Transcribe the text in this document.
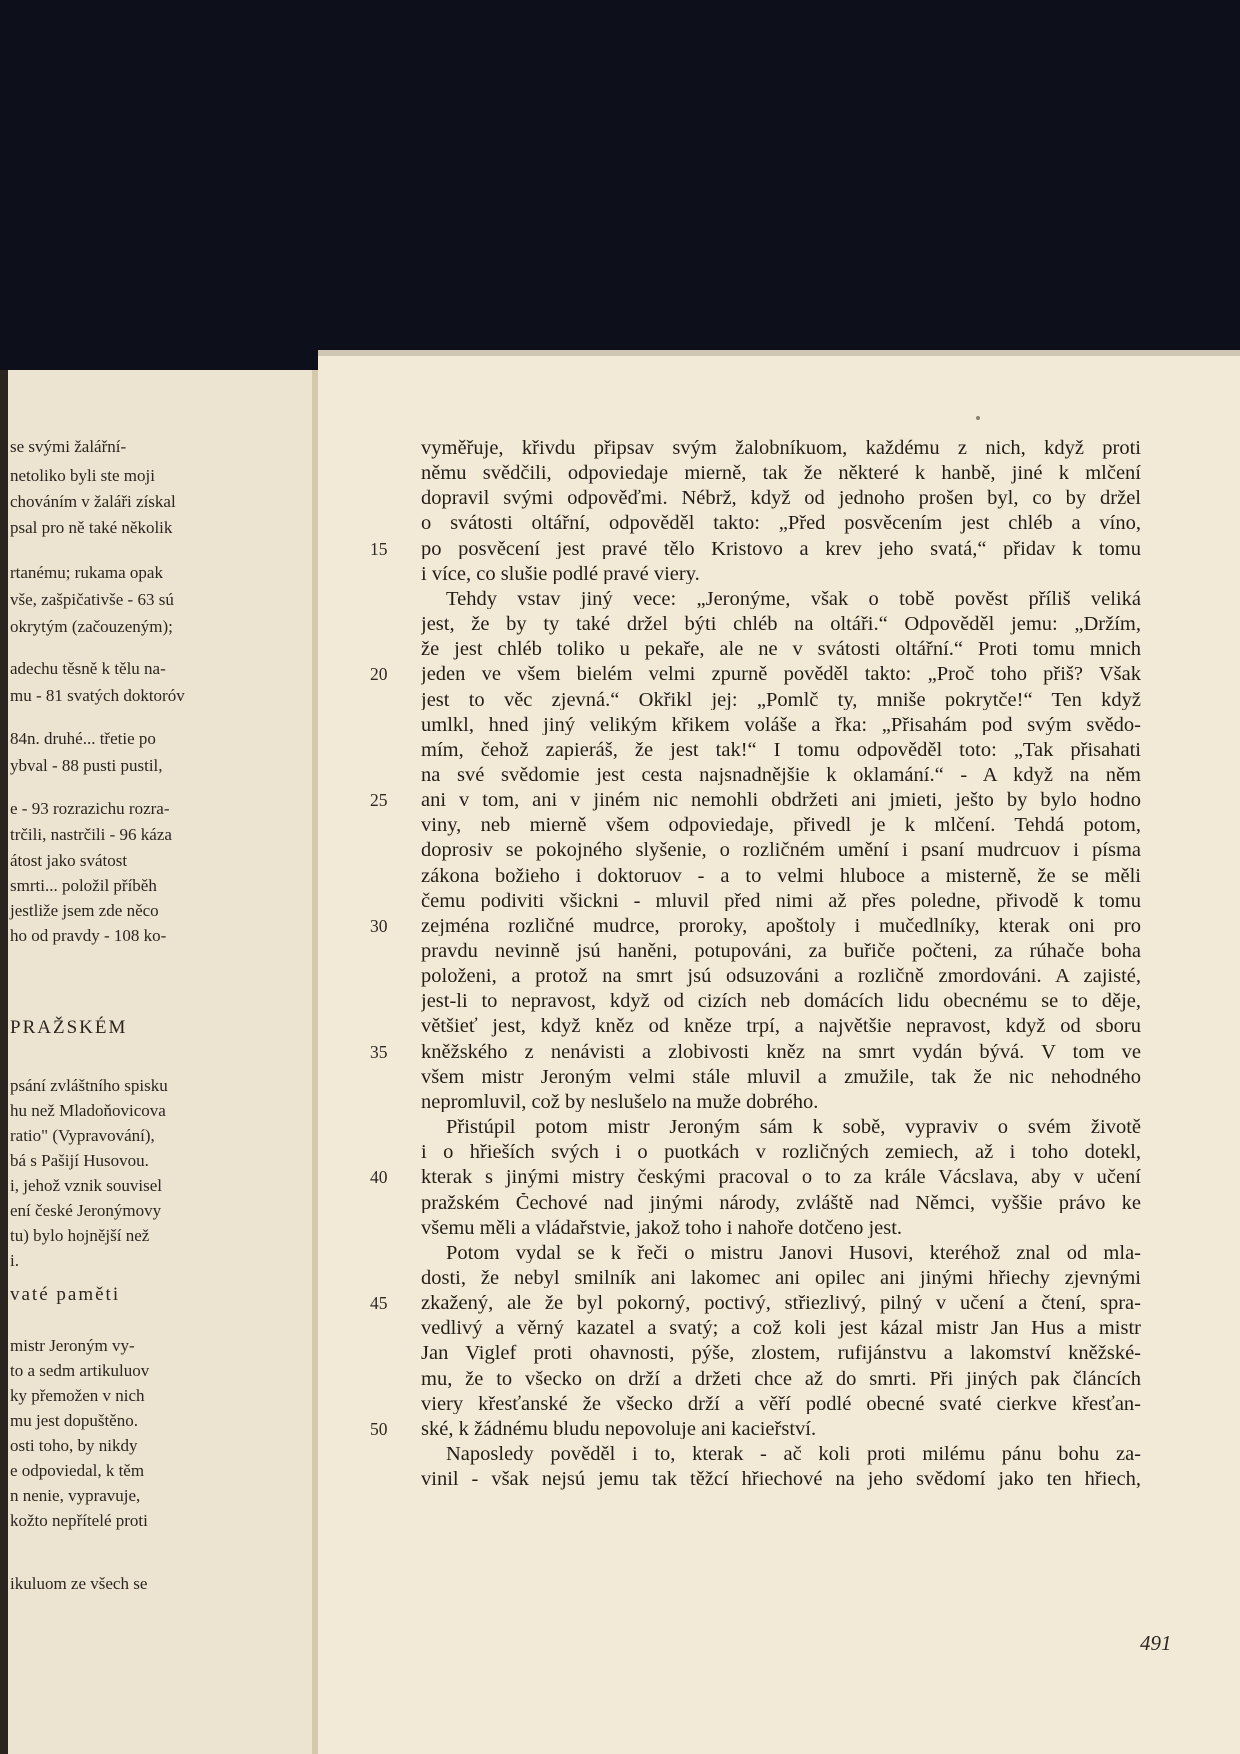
se svými žalářní-
netoliko byli ste moji
chováním v žaláři získal
psal pro ně také několik
rtanému; rukama opak
vše, zašpičativše - 63 sú
okrytým (začouzeným);
adechu těsně k tělu na-
mu - 81 svatých doktoróv
84n. druhé... třetie po
ybval - 88 pusti pustil,
e - 93 rozrazichu rozra-
trčili, nastrčili - 96 káza
átost jako svátost
smrti... položil příběh
jestliže jsem zde něco
ho od pravdy - 108 ko-
PRAŽSKÉM
psání zvláštního spisku
hu než Mladoňovicova
ratio" (Vypravování),
bá s Pašijí Husovou.
i, jehož vznik souvisel
ení české Jeronýmovy
tu) bylo hojnější než
i.
vaté paměti
mistr Jeroným vy-
to a sedm artikuluov
ky přemožen v nich
mu jest dopuštěno.
osti toho, by nikdy
e odpoviedal, k těm
n nenie, vypravuje,
kožto nepřítelé proti
ikuluom ze všech se
vyměřuje, křivdu připsav svým žalobníkuom, každému z nich, když proti
němu svědčili, odpoviedaje mierně, tak že některé k hanbě, jiné k mlčení
dopravil svými odpověďmi. Nébrž, když od jednoho prošen byl, co by držel
o svátosti oltářní, odpověděl takto: „Před posvěcením jest chléb a víno,
po posvěcení jest pravé tělo Kristovo a krev jeho svatá,“ přidav k tomu
i více, co slušie podlé pravé viery.
Tehdy vstav jiný vece: „Jeronýme, však o tobě pověst příliš veliká
jest, že by ty také držel býti chléb na oltáři.“ Odpověděl jemu: „Držím,
že jest chléb toliko u pekaře, ale ne v svátosti oltářní.“ Proti tomu mnich
jeden ve všem bielém velmi zpurně pověděl takto: „Proč toho přiš? Však
jest to věc zjevná.“ Okřikl jej: „Pomlč ty, mniše pokrytče!“ Ten když
umlkl, hned jiný velikým křikem voláše a řka: „Přisahám pod svým svědo-
mím, čehož zapieráš, že jest tak!“ I tomu odpověděl toto: „Tak přisahati
na své svědomie jest cesta najsnadnějšie k oklamání.“ - A když na něm
ani v tom, ani v jiném nic nemohli obdržeti ani jmieti, ješto by bylo hodno
viny, neb mierně všem odpoviedaje, přivedl je k mlčení. Tehdá potom,
doprosiv se pokojného slyšenie, o rozličném umění i psaní mudrcuov i písma
zákona božieho i doktoruov - a to velmi hluboce a misterně, že se měli
čemu podiviti všickni - mluvil před nimi až přes poledne, přivodě k tomu
zejména rozličné mudrce, proroky, apoštoly i mučedlníky, kterak oni pro
pravdu nevinně jsú haněni, potupováni, za buřiče počteni, za rúhače boha
položeni, a protož na smrt jsú odsuzováni a rozličně zmordováni. A zajisté,
jest-li to nepravost, když od cizích neb domácích lidu obecnému se to děje,
většieť jest, když kněz od kněze trpí, a najvětšie nepravost, když od sboru
kněžského z nenávisti a zlobivosti kněz na smrt vydán bývá. V tom ve
všem mistr Jeroným velmi stále mluvil a zmužile, tak že nic nehodného
nepromluvil, což by neslušelo na muže dobrého.
Přistúpil potom mistr Jeroným sám k sobě, vypraviv o svém životě
i o hřieších svých i o puotkách v rozličných zemiech, až i toho dotekl,
kterak s jinými mistry českými pracoval o to za krále Vácslava, aby v učení
pražském Čechové nad jinými národy, zvláště nad Němci, vyššie právo ke
všemu měli a vládařstvie, jakož toho i nahoře dotčeno jest.
Potom vydal se k řeči o mistru Janovi Husovi, kteréhož znal od mla-
dosti, že nebyl smilník ani lakomec ani opilec ani jinými hřiechy zjevnými
zkažený, ale že byl pokorný, poctivý, střiezlivý, pilný v učení a čtení, spra-
vedlivý a věrný kazatel a svatý; a což koli jest kázal mistr Jan Hus a mistr
Jan Viglef proti ohavnosti, pýše, zlostem, rufijánstvu a lakomství kněžské-
mu, že to všecko on drží a držeti chce až do smrti. Při jiných pak článcích
viery křesťanské že všecko drží a věří podlé obecné svaté cierkve křesťan-
ské, k žádnému bludu nepovoluje ani kacieřství.
Naposledy pověděl i to, kterak - ač koli proti milému pánu bohu za-
vinil - však nejsú jemu tak těžcí hřiechové na jeho svědomí jako ten hřiech,
15
20
25
30
35
40
45
50
491
